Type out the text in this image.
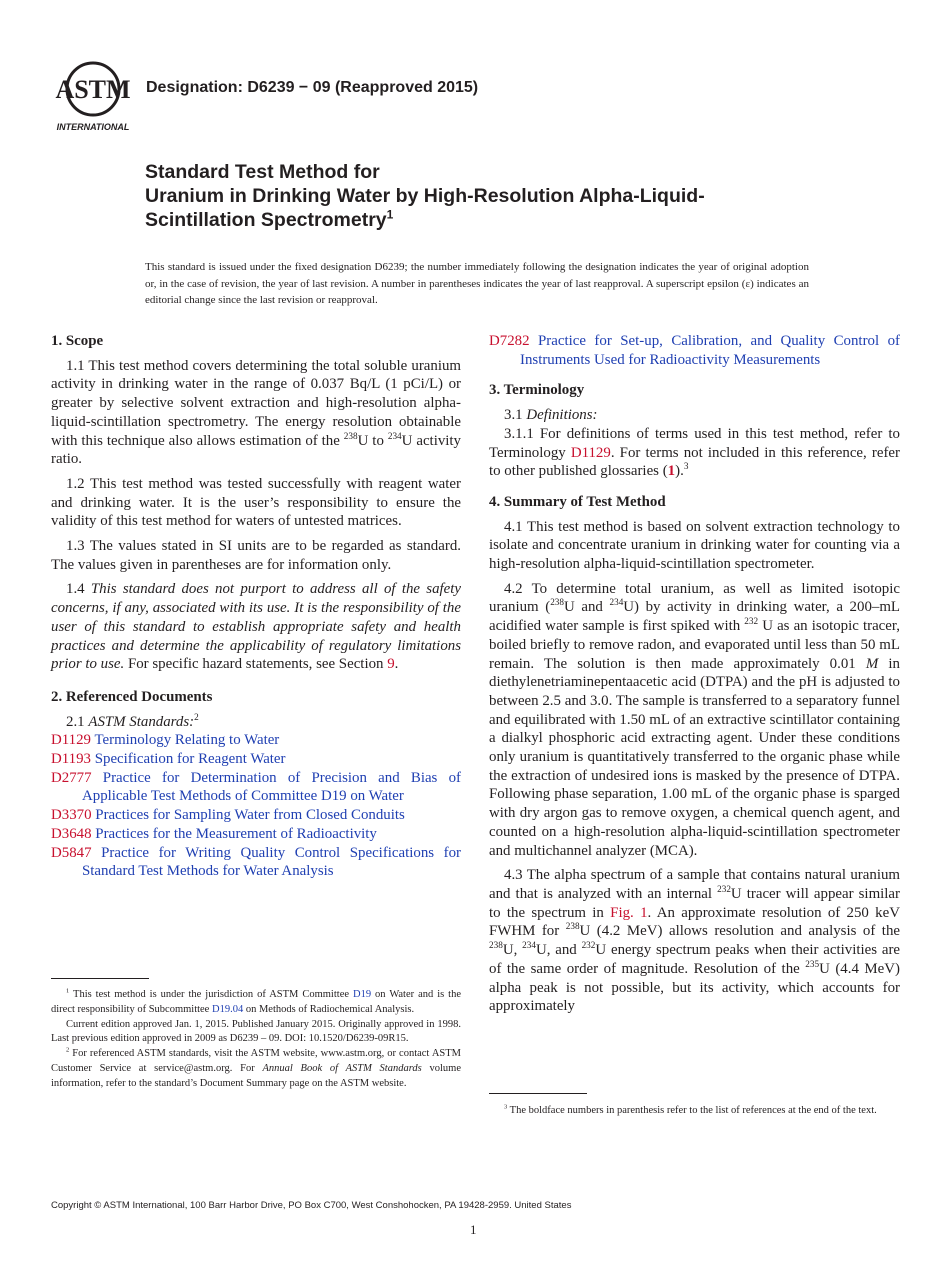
ASTM
INTERNATIONAL
Designation: D6239 − 09 (Reapproved 2015)
Standard Test Method for
Uranium in Drinking Water by High-Resolution Alpha-Liquid-
Scintillation Spectrometry$^1$
This standard is issued under the fixed designation D6239; the number immediately following the designation indicates the year of original adoption or, in the case of revision, the year of last revision. A number in parentheses indicates the year of last reapproval. A superscript epsilon (ε) indicates an editorial change since the last revision or reapproval.
1. Scope

1.1 This test method covers determining the total soluble uranium activity in drinking water in the range of 0.037 Bq/L (1 pCi/L) or greater by selective solvent extraction and high-resolution alpha-liquid-scintillation spectrometry. The energy resolution obtainable with this technique also allows estimation of the $^{238}$U to $^{234}$U activity ratio.

1.2 This test method was tested successfully with reagent water and drinking water. It is the user’s responsibility to ensure the validity of this test method for waters of untested matrices.

1.3 The values stated in SI units are to be regarded as standard. The values given in parentheses are for information only.

1.4 This standard does not purport to address all of the safety concerns, if any, associated with its use. It is the responsibility of the user of this standard to establish appropriate safety and health practices and determine the applicability of regulatory limitations prior to use. For specific hazard statements, see Section 9.

2. Referenced Documents
2.1 ASTM Standards:$^2$
D1129 Terminology Relating to Water
D1193 Specification for Reagent Water
D2777 Practice for Determination of Precision and Bias of Applicable Test Methods of Committee D19 on Water
D3370 Practices for Sampling Water from Closed Conduits
D3648 Practices for the Measurement of Radioactivity
D5847 Practice for Writing Quality Control Specifications for Standard Test Methods for Water Analysis
D7282 Practice for Set-up, Calibration, and Quality Control of Instruments Used for Radioactivity Measurements
3. Terminology
3.1 Definitions:

3.1.1 For definitions of terms used in this test method, refer to Terminology D1129. For terms not included in this reference, refer to other published glossaries (1).$^3$

4. Summary of Test Method

4.1 This test method is based on solvent extraction technology to isolate and concentrate uranium in drinking water for counting via a high-resolution alpha-liquid-scintillation spectrometer.

4.2 To determine total uranium, as well as limited isotopic uranium ($^{238}$U and $^{234}$U) by activity in drinking water, a 200–mL acidified water sample is first spiked with $^{232}$ U as an isotopic tracer, boiled briefly to remove radon, and evaporated until less than 50 mL remain. The solution is then made approximately 0.01 M in diethylenetriaminepentaacetic acid (DTPA) and the pH is adjusted to between 2.5 and 3.0. The sample is transferred to a separatory funnel and equilibrated with 1.50 mL of an extractive scintillator containing a dialkyl phosphoric acid extracting agent. Under these conditions only uranium is quantitatively transferred to the organic phase while the extraction of undesired ions is masked by the presence of DTPA. Following phase separation, 1.00 mL of the organic phase is sparged with dry argon gas to remove oxygen, a chemical quench agent, and counted on a high-resolution alpha-liquid-scintillation spectrometer and multichannel analyzer (MCA).

4.3 The alpha spectrum of a sample that contains natural uranium and that is analyzed with an internal $^{232}$U tracer will appear similar to the spectrum in Fig. 1. An approximate resolution of 250 keV FWHM for $^{238}$U (4.2 MeV) allows resolution and analysis of the $^{238}$U, $^{234}$U, and $^{232}$U energy spectrum peaks when their activities are of the same order of magnitude. Resolution of the $^{235}$U (4.4 MeV) alpha peak is not possible, but its activity, which accounts for approximately

$^1$ This test method is under the jurisdiction of ASTM Committee D19 on Water and is the direct responsibility of Subcommittee D19.04 on Methods of Radiochemical Analysis.

Current edition approved Jan. 1, 2015. Published January 2015. Originally approved in 1998. Last previous edition approved in 2009 as D6239 – 09. DOI: 10.1520/D6239-09R15.

$^2$ For referenced ASTM standards, visit the ASTM website, www.astm.org, or contact ASTM Customer Service at service@astm.org. For Annual Book of ASTM Standards volume information, refer to the standard’s Document Summary page on the ASTM website.

$^3$ The boldface numbers in parenthesis refer to the list of references at the end of the text.

Copyright © ASTM International, 100 Barr Harbor Drive, PO Box C700, West Conshohocken, PA 19428-2959. United States
1
